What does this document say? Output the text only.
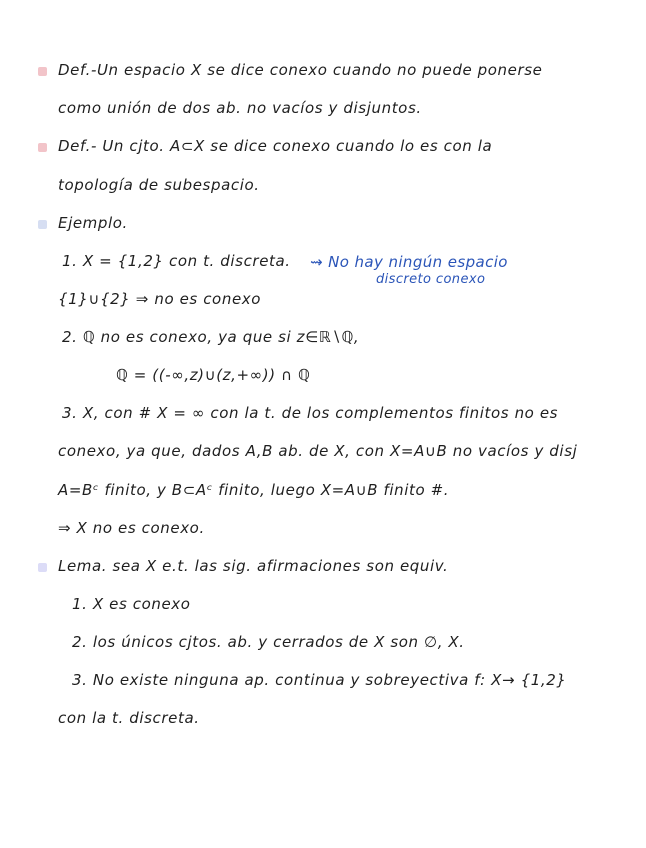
Def.-Un espacio X se dice conexo cuando no puede ponerse
como unión de dos ab. no vacíos y disjuntos.
Def.- Un cjto. A⊂X se dice conexo cuando lo es con la
topología de subespacio.
Ejemplo.
1. X = {1,2} con t. discreta. ⇝ No hay ningún espacio
discreto conexo
{1}∪{2} ⇒ no es conexo
2. ℚ no es conexo, ya que si z∈ℝ∖ℚ,
ℚ = ((-∞,z)∪(z,+∞)) ∩ ℚ
3. X, con # X = ∞ con la t. de los complementos finitos no es
conexo, ya que, dados A,B ab. de X, con X=A∪B no vacíos y disj
A=Bᶜ finito, y B⊂Aᶜ finito, luego X=A∪B finito #.
⇒ X no es conexo.
Lema. sea X e.t. las sig. afirmaciones son equiv.
1. X es conexo
2. los únicos cjtos. ab. y cerrados de X son ∅, X.
3. No existe ninguna ap. continua y sobreyectiva f: X→ {1,2}
con la t. discreta.
